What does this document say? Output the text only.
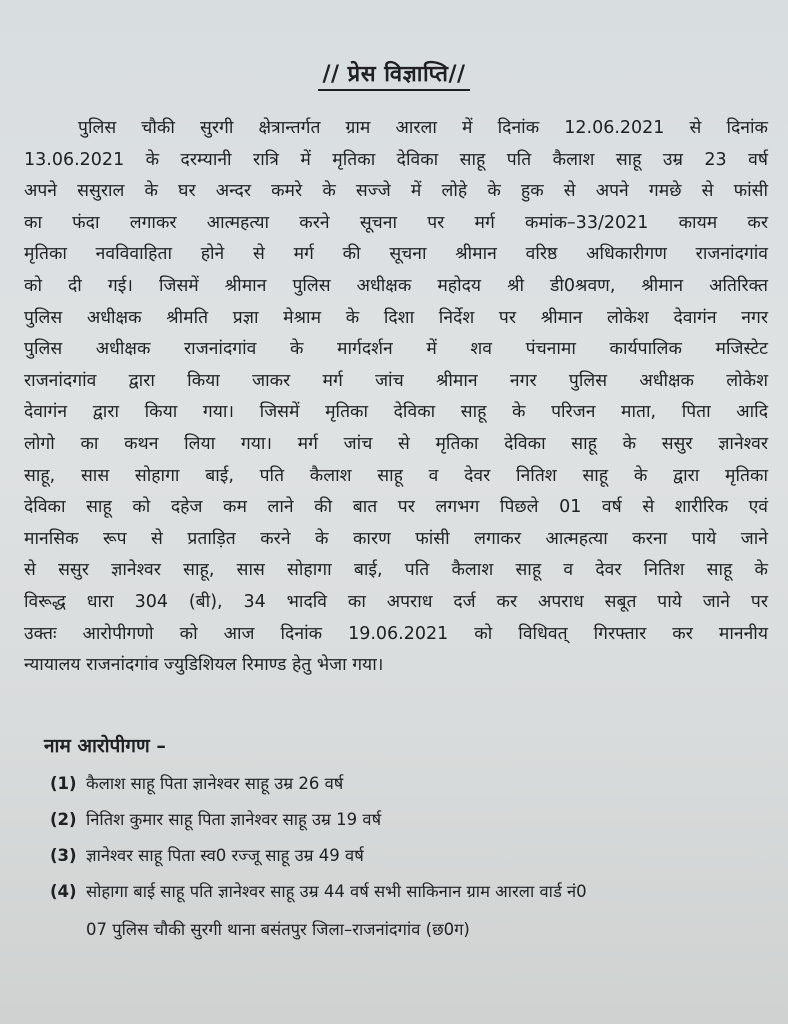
// प्रेस विज्ञाप्ति//
पुलिस चौकी सुरगी क्षेत्रान्तर्गत ग्राम आरला में दिनांक 12.06.2021 से दिनांक
13.06.2021 के दरम्यानी रात्रि में मृतिका देविका साहू पति कैलाश साहू उम्र 23 वर्ष
अपने ससुराल के घर अन्दर कमरे के सज्जे में लोहे के हुक से अपने गमछे से फांसी
का फंदा लगाकर आत्महत्या करने सूचना पर मर्ग कमांक–33/2021 कायम कर
मृतिका नवविवाहिता होने से मर्ग की सूचना श्रीमान वरिष्ठ अधिकारीगण राजनांदगांव
को दी गई। जिसमें श्रीमान पुलिस अधीक्षक महोदय श्री डी0श्रवण, श्रीमान अतिरिक्त
पुलिस अधीक्षक श्रीमति प्रज्ञा मेश्राम के दिशा निर्देश पर श्रीमान लोकेश देवागंन नगर
पुलिस अधीक्षक राजनांदगांव के मार्गदर्शन में शव पंचनामा कार्यपालिक मजिस्टेट
राजनांदगांव द्वारा किया जाकर मर्ग जांच श्रीमान नगर पुलिस अधीक्षक लोकेश
देवागंन द्वारा किया गया। जिसमें मृतिका देविका साहू के परिजन माता, पिता आदि
लोगो का कथन लिया गया। मर्ग जांच से मृतिका देविका साहू के ससुर ज्ञानेश्वर
साहू, सास सोहागा बाई, पति कैलाश साहू व देवर नितिश साहू के द्वारा मृतिका
देविका साहू को दहेज कम लाने की बात पर लगभग पिछले 01 वर्ष से शारीरिक एवं
मानसिक रूप से प्रताड़ित करने के कारण फांसी लगाकर आत्महत्या करना पाये जाने
से ससुर ज्ञानेश्वर साहू, सास सोहागा बाई, पति कैलाश साहू व देवर नितिश साहू के
विरूद्ध धारा 304 (बी), 34 भादवि का अपराध दर्ज कर अपराध सबूत पाये जाने पर
उक्तः आरोपीगणो को आज दिनांक 19.06.2021 को विधिवत् गिरफ्तार कर माननीय
न्यायालय राजनांदगांव ज्युडिशियल रिमाण्ड हेतु भेजा गया।
नाम आरोपीगण –
(1) कैलाश साहू पिता ज्ञानेश्वर साहू उम्र 26 वर्ष
(2) नितिश कुमार साहू पिता ज्ञानेश्वर साहू उम्र 19 वर्ष
(3) ज्ञानेश्वर साहू पिता स्व0 रज्जू साहू उम्र 49 वर्ष
(4) सोहागा बाई साहू पति ज्ञानेश्वर साहू उम्र 44 वर्ष सभी साकिनान ग्राम आरला वार्ड नं0
07 पुलिस चौकी सुरगी थाना बसंतपुर जिला–राजनांदगांव (छ0ग)
